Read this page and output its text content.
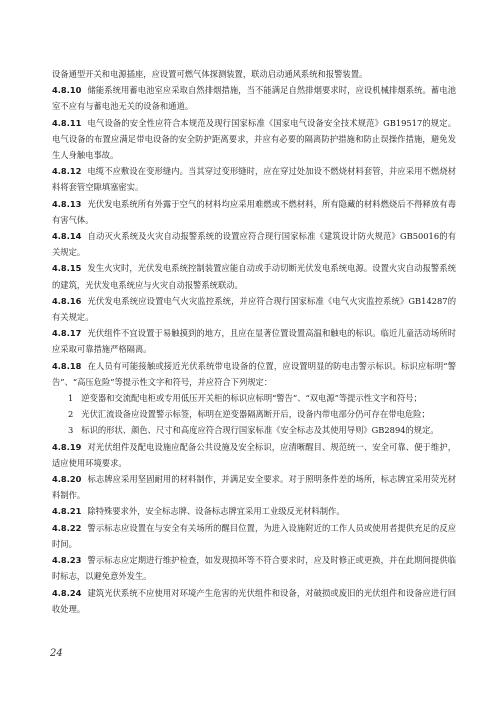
设备通型开关和电源插座，应设置可燃气体探测装置，联动启动通风系统和报警装置。

4.8.10 储能系统用蓄电池室应采取自然排烟措施，当不能满足自然排烟要求时，应设机械排烟系统。蓄电池室不应有与蓄电池无关的设备和通道。

4.8.11 电气设备的安全性应符合本规范及现行国家标准《国家电气设备安全技术规范》GB19517的规定。电气设备的布置应满足带电设备的安全防护距离要求，并应有必要的隔离防护措施和防止误操作措施，避免发生人身触电事故。

4.8.12 电缆不应敷设在变形缝内。当其穿过变形缝时，应在穿过处加设不燃烧材料套管，并应采用不燃烧材料将套管空隙填塞密实。

4.8.13 光伏发电系统所有外露于空气的材料均应采用难燃或不燃材料，所有隐藏的材料燃烧后不得释放有毒有害气体。

4.8.14 自动灭火系统及火灾自动报警系统的设置应符合现行国家标准《建筑设计防火规范》GB50016的有关规定。

4.8.15 发生火灾时，光伏发电系统控制装置应能自动或手动切断光伏发电系统电源。设置火灾自动报警系统的建筑，光伏发电系统应与火灾自动报警系统联动。

4.8.16 光伏发电系统应设置电气火灾监控系统，并应符合现行国家标准《电气火灾监控系统》GB14287的有关规定。

4.8.17 光伏组件不宜设置于易触摸到的地方，且应在显著位置设置高温和触电的标识。临近儿童活动场所时应采取可靠措施严格隔离。

4.8.18 在人员有可能接触或接近光伏系统带电设备的位置，应设置明显的防电击警示标识。标识应标明“警告”、“高压危险”等提示性文字和符号，并应符合下列规定：

1 逆变器和交流配电柜或专用低压开关柜的标识应标明“警告”、“双电源”等提示性文字和符号；

2 光伏汇流设备应设置警示标签，标明在逆变器隔离断开后，设备内带电部分仍可存在带电危险；

3 标识的形状、颜色、尺寸和高度应符合现行国家标准《安全标志及其使用导则》GB2894的规定。

4.8.19 对光伏组件及配电设施应配备公共设施及安全标识，应清晰醒目、规范统一、安全可靠、便于维护，适应使用环境要求。

4.8.20 标志牌应采用坚固耐用的材料制作，并满足安全要求。对于照明条件差的场所，标志牌宜采用荧光材料制作。

4.8.21 除特殊要求外，安全标志牌、设备标志牌宜采用工业级反光材料制作。

4.8.22 警示标志应设置在与安全有关场所的醒目位置，为进入设施附近的工作人员或使用者提供充足的反应时间。

4.8.23 警示标志应定期进行维护检查，如发现损坏等不符合要求时，应及时修正或更换，并在此期间提供临时标志，以避免意外发生。

4.8.24 建筑光伏系统不应使用对环境产生危害的光伏组件和设备，对破损或废旧的光伏组件和设备应进行回收处理。

24
